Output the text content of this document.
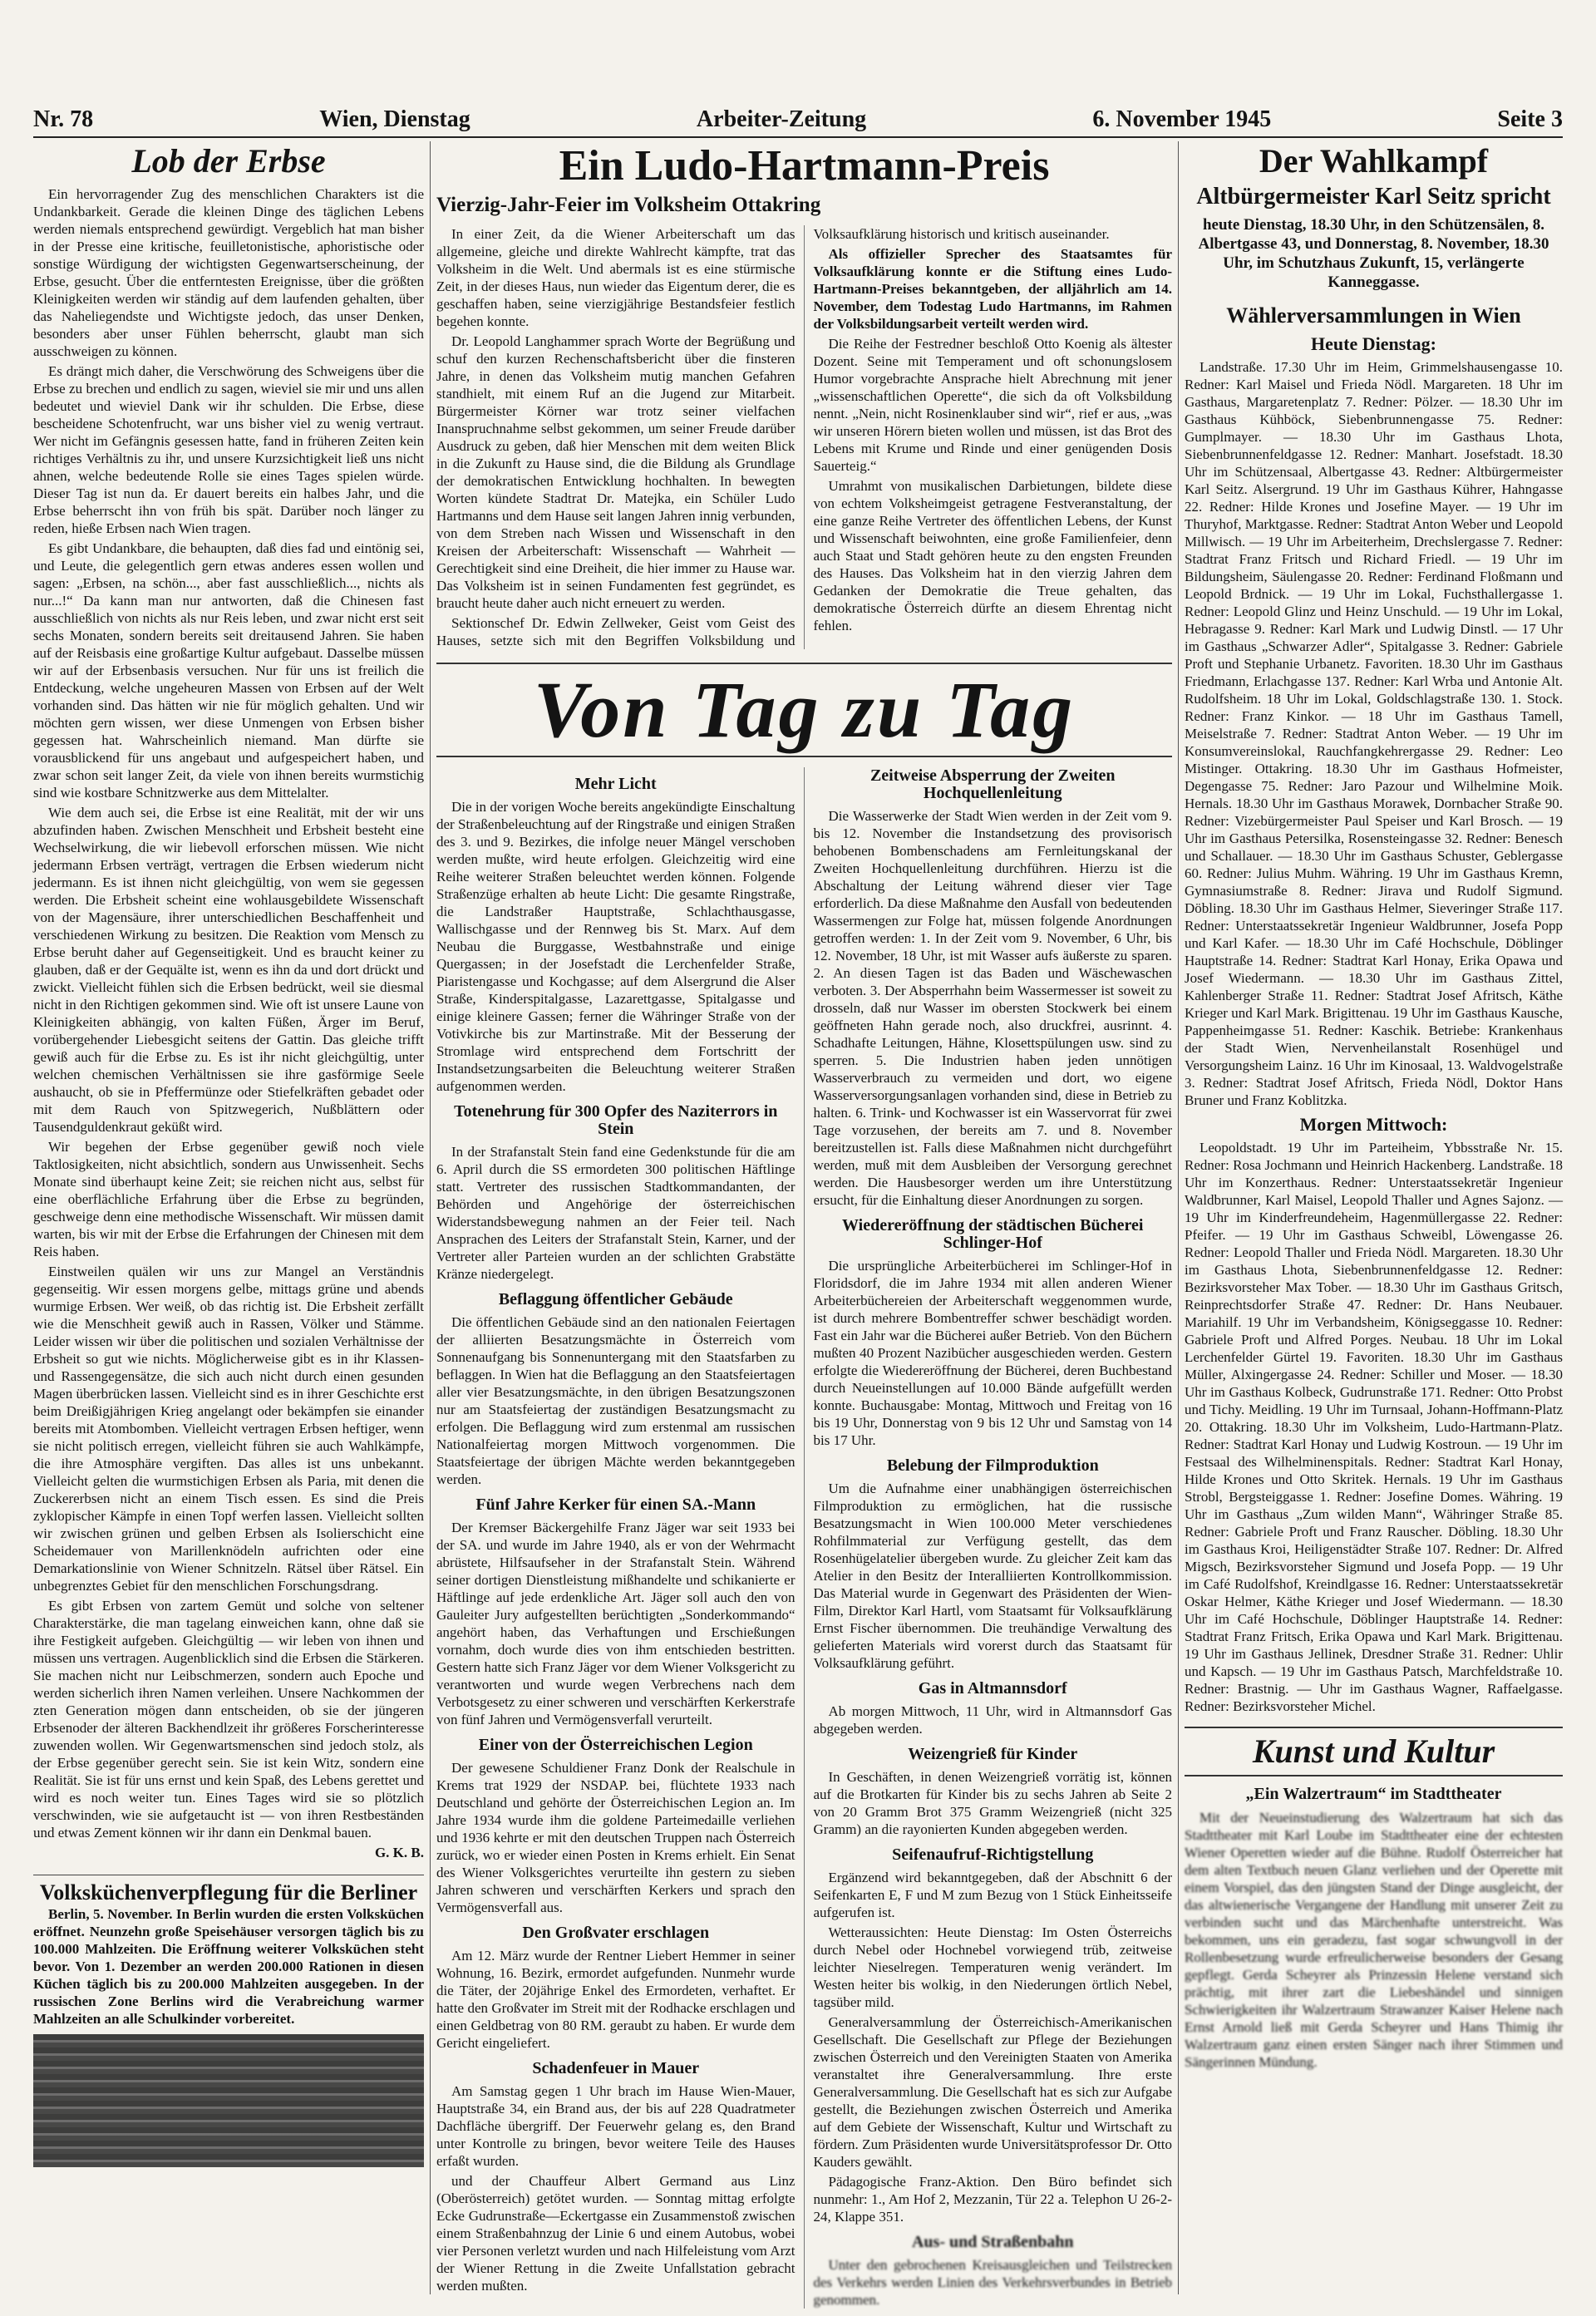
Nr. 78	Wien, Dienstag	Arbeiter-Zeitung	6. November 1945	Seite 3
Lob der Erbse

Ein hervorragender Zug des menschlichen Charakters ist die Undankbarkeit. Gerade die kleinen Dinge des täglichen Lebens werden niemals entsprechend gewürdigt. Vergeblich hat man bisher in der Presse eine kritische, feuilletonistische, aphoristische oder sonstige Würdigung der wichtigsten Gegenwartserscheinung, der Erbse, gesucht. Über die entferntesten Ereignisse, über die größten Kleinigkeiten werden wir ständig auf dem laufenden gehalten, über das Naheliegendste und Wichtigste jedoch, das unser Denken, besonders aber unser Fühlen beherrscht, glaubt man sich ausschweigen zu können.

Es drängt mich daher, die Verschwörung des Schweigens über die Erbse zu brechen und endlich zu sagen, wieviel sie mir und uns allen bedeutet und wieviel Dank wir ihr schulden. Die Erbse, diese bescheidene Schotenfrucht, war uns bisher viel zu wenig vertraut. Wer nicht im Gefängnis gesessen hatte, fand in früheren Zeiten kein richtiges Verhältnis zu ihr, und unsere Kurzsichtigkeit ließ uns nicht ahnen, welche bedeutende Rolle sie eines Tages spielen würde. Dieser Tag ist nun da. Er dauert bereits ein halbes Jahr, und die Erbse beherrscht ihn von früh bis spät. Darüber noch länger zu reden, hieße Erbsen nach Wien tragen.

Es gibt Undankbare, die behaupten, daß dies fad und eintönig sei, und Leute, die gelegentlich gern etwas anderes essen wollen und sagen: „Erbsen, na schön..., aber fast ausschließlich..., nichts als nur...!“ Da kann man nur antworten, daß die Chinesen fast ausschließlich von nichts als nur Reis leben, und zwar nicht erst seit sechs Monaten, sondern bereits seit dreitausend Jahren. Sie haben auf der Reisbasis eine großartige Kultur aufgebaut. Dasselbe müssen wir auf der Erbsenbasis versuchen. Nur für uns ist freilich die Entdeckung, welche ungeheuren Massen von Erbsen auf der Welt vorhanden sind. Das hätten wir nie für möglich gehalten. Und wir möchten gern wissen, wer diese Unmengen von Erbsen bisher gegessen hat. Wahrscheinlich niemand. Man dürfte sie vorausblickend für uns angebaut und aufgespeichert haben, und zwar schon seit langer Zeit, da viele von ihnen bereits wurmstichig sind wie kostbare Schnitzwerke aus dem Mittelalter.

Wie dem auch sei, die Erbse ist eine Realität, mit der wir uns abzufinden haben. Zwischen Menschheit und Erbsheit besteht eine Wechselwirkung, die wir liebevoll erforschen müssen. Wie nicht jedermann Erbsen verträgt, vertragen die Erbsen wiederum nicht jedermann. Es ist ihnen nicht gleichgültig, von wem sie gegessen werden. Die Erbsheit scheint eine wohlausgebildete Wissenschaft von der Magensäure, ihrer unterschiedlichen Beschaffenheit und verschiedenen Wirkung zu besitzen. Die Reaktion vom Mensch zu Erbse beruht daher auf Gegenseitigkeit. Und es braucht keiner zu glauben, daß er der Gequälte ist, wenn es ihn da und dort drückt und zwickt. Vielleicht fühlen sich die Erbsen bedrückt, weil sie diesmal nicht in den Richtigen gekommen sind. Wie oft ist unsere Laune von Kleinigkeiten abhängig, von kalten Füßen, Ärger im Beruf, vorübergehender Liebesgicht seitens der Gattin. Das gleiche trifft gewiß auch für die Erbse zu. Es ist ihr nicht gleichgültig, unter welchen chemischen Verhältnissen sie ihre gasförmige Seele aushaucht, ob sie in Pfeffermünze oder Stiefelkräften gebadet oder mit dem Rauch von Spitzwegerich, Nußblättern oder Tausendguldenkraut geküßt wird.

Wir begehen der Erbse gegenüber gewiß noch viele Taktlosigkeiten, nicht absichtlich, sondern aus Unwissenheit. Sechs Monate sind überhaupt keine Zeit; sie reichen nicht aus, selbst für eine oberflächliche Erfahrung über die Erbse zu begründen, geschweige denn eine methodische Wissenschaft. Wir müssen damit warten, bis wir mit der Erbse die Erfahrungen der Chinesen mit dem Reis haben.

Einstweilen quälen wir uns zur Mangel an Verständnis gegenseitig. Wir essen morgens gelbe, mittags grüne und abends wurmige Erbsen. Wer weiß, ob das richtig ist. Die Erbsheit zerfällt wie die Menschheit gewiß auch in Rassen, Völker und Stämme. Leider wissen wir über die politischen und sozialen Verhältnisse der Erbsheit so gut wie nichts. Möglicherweise gibt es in ihr Klassen- und Rassengegensätze, die sich auch nicht durch einen gesunden Magen überbrücken lassen. Vielleicht sind es in ihrer Geschichte erst beim Dreißigjährigen Krieg angelangt oder bekämpfen sie einander bereits mit Atombomben. Vielleicht vertragen Erbsen heftiger, wenn sie nicht politisch erregen, vielleicht führen sie auch Wahlkämpfe, die ihre Atmosphäre vergiften. Das alles ist uns unbekannt. Vielleicht gelten die wurmstichigen Erbsen als Paria, mit denen die Zuckererbsen nicht an einem Tisch essen. Es sind die Preis zyklopischer Kämpfe in einen Topf werfen lassen. Vielleicht sollten wir zwischen grünen und gelben Erbsen als Isolierschicht eine Scheidemauer von Marillenknödeln aufrichten oder eine Demarkationslinie von Wiener Schnitzeln. Rätsel über Rätsel. Ein unbegrenztes Gebiet für den menschlichen Forschungsdrang.

Es gibt Erbsen von zartem Gemüt und solche von seltener Charakterstärke, die man tagelang einweichen kann, ohne daß sie ihre Festigkeit aufgeben. Gleichgültig — wir leben von ihnen und müssen uns vertragen. Augenblicklich sind die Erbsen die Stärkeren. Sie machen nicht nur Leibschmerzen, sondern auch Epoche und werden sicherlich ihren Namen verleihen. Unsere Nachkommen der zten Generation mögen dann entscheiden, ob sie der jüngeren Erbsenoder der älteren Backhendlzeit ihr größeres Forscherinteresse zuwenden wollen. Wir Gegenwartsmenschen sind jedoch stolz, als der Erbse gegenüber gerecht sein. Sie ist kein Witz, sondern eine Realität. Sie ist für uns ernst und kein Spaß, des Lebens gerettet und wird es noch weiter tun. Eines Tages wird sie so plötzlich verschwinden, wie sie aufgetaucht ist — von ihren Restbeständen und etwas Zement können wir ihr dann ein Denkmal bauen.

G. K. B.
Volksküchenverpflegung für die Berliner

Berlin, 5. November. In Berlin wurden die ersten Volksküchen eröffnet. Neunzehn große Speisehäuser versorgen täglich bis zu 100.000 Mahlzeiten. Die Eröffnung weiterer Volksküchen steht bevor. Von 1. Dezember an werden 200.000 Rationen in diesen Küchen täglich bis zu 200.000 Mahlzeiten ausgegeben. In der russischen Zone Berlins wird die Verabreichung warmer Mahlzeiten an alle Schulkinder vorbereitet.

Ein Ludo-Hartmann-Preis
Vierzig-Jahr-Feier im Volksheim Ottakring

In einer Zeit, da die Wiener Arbeiterschaft um das allgemeine, gleiche und direkte Wahlrecht kämpfte, trat das Volksheim in die Welt. Und abermals ist es eine stürmische Zeit, in der dieses Haus, nun wieder das Eigentum derer, die es geschaffen haben, seine vierzigjährige Bestandsfeier festlich begehen konnte.

Dr. Leopold Langhammer sprach Worte der Begrüßung und schuf den kurzen Rechenschaftsbericht über die finsteren Jahre, in denen das Volksheim mutig manchen Gefahren standhielt, mit einem Ruf an die Jugend zur Mitarbeit. Bürgermeister Körner war trotz seiner vielfachen Inanspruchnahme selbst gekommen, um seiner Freude darüber Ausdruck zu geben, daß hier Menschen mit dem weiten Blick in die Zukunft zu Hause sind, die die Bildung als Grundlage der demokratischen Entwicklung hochhalten. In bewegten Worten kündete Stadtrat Dr. Matejka, ein Schüler Ludo Hartmanns und dem Hause seit langen Jahren innig verbunden, von dem Streben nach Wissen und Wissenschaft in den Kreisen der Arbeiterschaft: Wissenschaft — Wahrheit — Gerechtigkeit sind eine Dreiheit, die hier immer zu Hause war. Das Volksheim ist in seinen Fundamenten fest gegründet, es braucht heute daher auch nicht erneuert zu werden.

Sektionschef Dr. Edwin Zellweker, Geist vom Geist des Hauses, setzte sich mit den Begriffen Volksbildung und Volksaufklärung historisch und kritisch auseinander.

Als offizieller Sprecher des Staatsamtes für Volksaufklärung konnte er die Stiftung eines Ludo-Hartmann-Preises bekanntgeben, der alljährlich am 14. November, dem Todestag Ludo Hartmanns, im Rahmen der Volksbildungsarbeit verteilt werden wird.

Die Reihe der Festredner beschloß Otto Koenig als ältester Dozent. Seine mit Temperament und oft schonungslosem Humor vorgebrachte Ansprache hielt Abrechnung mit jener „wissenschaftlichen Operette“, die sich da oft Volksbildung nennt. „Nein, nicht Rosinenklauber sind wir“, rief er aus, „was wir unseren Hörern bieten wollen und müssen, ist das Brot des Lebens mit Krume und Rinde und einer genügenden Dosis Sauerteig.“

Umrahmt von musikalischen Darbietungen, bildete diese von echtem Volksheimgeist getragene Festveranstaltung, der eine ganze Reihe Vertreter des öffentlichen Lebens, der Kunst und Wissenschaft beiwohnten, eine große Familienfeier, denn auch Staat und Stadt gehören heute zu den engsten Freunden des Hauses. Das Volksheim hat in den vierzig Jahren dem Gedanken der Demokratie die Treue gehalten, das demokratische Österreich dürfte an diesem Ehrentag nicht fehlen.

Von Tag zu Tag
Mehr Licht

Die in der vorigen Woche bereits angekündigte Einschaltung der Straßenbeleuchtung auf der Ringstraße und einigen Straßen des 3. und 9. Bezirkes, die infolge neuer Mängel verschoben werden mußte, wird heute erfolgen. Gleichzeitig wird eine Reihe weiterer Straßen beleuchtet werden können. Folgende Straßenzüge erhalten ab heute Licht: Die gesamte Ringstraße, die Landstraßer Hauptstraße, Schlachthausgasse, Wallischgasse und der Rennweg bis St. Marx. Auf dem Neubau die Burggasse, Westbahnstraße und einige Quergassen; in der Josefstadt die Lerchenfelder Straße, Piaristengasse und Kochgasse; auf dem Alsergrund die Alser Straße, Kinderspitalgasse, Lazarettgasse, Spitalgasse und einige kleinere Gassen; ferner die Währinger Straße von der Votivkirche bis zur Martinstraße. Mit der Besserung der Stromlage wird entsprechend dem Fortschritt der Instandsetzungsarbeiten die Beleuchtung weiterer Straßen aufgenommen werden.

Totenehrung für 300 Opfer des Naziterrors in Stein

In der Strafanstalt Stein fand eine Gedenkstunde für die am 6. April durch die SS ermordeten 300 politischen Häftlinge statt. Vertreter des russischen Stadtkommandanten, der Behörden und Angehörige der österreichischen Widerstandsbewegung nahmen an der Feier teil. Nach Ansprachen des Leiters der Strafanstalt Stein, Karner, und der Vertreter aller Parteien wurden an der schlichten Grabstätte Kränze niedergelegt.

Beflaggung öffentlicher Gebäude

Die öffentlichen Gebäude sind an den nationalen Feiertagen der alliierten Besatzungsmächte in Österreich vom Sonnenaufgang bis Sonnenuntergang mit den Staatsfarben zu beflaggen. In Wien hat die Beflaggung an den Staatsfeiertagen aller vier Besatzungsmächte, in den übrigen Besatzungszonen nur am Staatsfeiertag der zuständigen Besatzungsmacht zu erfolgen. Die Beflaggung wird zum erstenmal am russischen Nationalfeiertag morgen Mittwoch vorgenommen. Die Staatsfeiertage der übrigen Mächte werden bekanntgegeben werden.

Fünf Jahre Kerker für einen SA.-Mann

Der Kremser Bäckergehilfe Franz Jäger war seit 1933 bei der SA. und wurde im Jahre 1940, als er von der Wehrmacht abrüstete, Hilfsaufseher in der Strafanstalt Stein. Während seiner dortigen Dienstleistung mißhandelte und schikanierte er Häftlinge auf jede erdenkliche Art. Jäger soll auch den von Gauleiter Jury aufgestellten berüchtigten „Sonderkommando“ angehört haben, das Verhaftungen und Erschießungen vornahm, doch wurde dies von ihm entschieden bestritten. Gestern hatte sich Franz Jäger vor dem Wiener Volksgericht zu verantworten und wurde wegen Verbrechens nach dem Verbotsgesetz zu einer schweren und verschärften Kerkerstrafe von fünf Jahren und Vermögensverfall verurteilt.

Einer von der Österreichischen Legion

Der gewesene Schuldiener Franz Donk der Realschule in Krems trat 1929 der NSDAP. bei, flüchtete 1933 nach Deutschland und gehörte der Österreichischen Legion an. Im Jahre 1934 wurde ihm die goldene Parteimedaille verliehen und 1936 kehrte er mit den deutschen Truppen nach Österreich zurück, wo er wieder einen Posten in Krems erhielt. Ein Senat des Wiener Volksgerichtes verurteilte ihn gestern zu sieben Jahren schweren und verschärften Kerkers und sprach den Vermögensverfall aus.

Den Großvater erschlagen

Am 12. März wurde der Rentner Liebert Hemmer in seiner Wohnung, 16. Bezirk, ermordet aufgefunden. Nunmehr wurde die Täter, der 20jährige Enkel des Ermordeten, verhaftet. Er hatte den Großvater im Streit mit der Rodhacke erschlagen und einen Geldbetrag von 80 RM. geraubt zu haben. Er wurde dem Gericht eingeliefert.

Schadenfeuer in Mauer

Am Samstag gegen 1 Uhr brach im Hause Wien-Mauer, Hauptstraße 34, ein Brand aus, der bis auf 228 Quadratmeter Dachfläche übergriff. Der Feuerwehr gelang es, den Brand unter Kontrolle zu bringen, bevor weitere Teile des Hauses erfaßt wurden.

und der Chauffeur Albert Germand aus Linz (Oberösterreich) getötet wurden. — Sonntag mittag erfolgte Ecke Gudrunstraße—Eckertgasse ein Zusammenstoß zwischen einem Straßenbahnzug der Linie 6 und einem Autobus, wobei vier Personen verletzt wurden und nach Hilfeleistung vom Arzt der Wiener Rettung in die Zweite Unfallstation gebracht werden mußten.

Zeitweise Absperrung der Zweiten Hochquellenleitung

Die Wasserwerke der Stadt Wien werden in der Zeit vom 9. bis 12. November die Instandsetzung des provisorisch behobenen Bombenschadens am Fernleitungskanal der Zweiten Hochquellenleitung durchführen. Hierzu ist die Abschaltung der Leitung während dieser vier Tage erforderlich. Da diese Maßnahme den Ausfall von bedeutenden Wassermengen zur Folge hat, müssen folgende Anordnungen getroffen werden: 1. In der Zeit vom 9. November, 6 Uhr, bis 12. November, 18 Uhr, ist mit Wasser aufs äußerste zu sparen. 2. An diesen Tagen ist das Baden und Wäschewaschen verboten. 3. Der Absperrhahn beim Wassermesser ist soweit zu drosseln, daß nur Wasser im obersten Stockwerk bei einem geöffneten Hahn gerade noch, also druckfrei, ausrinnt. 4. Schadhafte Leitungen, Hähne, Klosettspülungen usw. sind zu sperren. 5. Die Industrien haben jeden unnötigen Wasserverbrauch zu vermeiden und dort, wo eigene Wasserversorgungsanlagen vorhanden sind, diese in Betrieb zu halten. 6. Trink- und Kochwasser ist ein Wasservorrat für zwei Tage vorzusehen, der bereits am 7. und 8. November bereitzustellen ist. Falls diese Maßnahmen nicht durchgeführt werden, muß mit dem Ausbleiben der Versorgung gerechnet werden. Die Hausbesorger werden um ihre Unterstützung ersucht, für die Einhaltung dieser Anordnungen zu sorgen.

Wiedereröffnung der städtischen Bücherei Schlinger-Hof

Die ursprüngliche Arbeiterbücherei im Schlinger-Hof in Floridsdorf, die im Jahre 1934 mit allen anderen Wiener Arbeiterbüchereien der Arbeiterschaft weggenommen wurde, ist durch mehrere Bombentreffer schwer beschädigt worden. Fast ein Jahr war die Bücherei außer Betrieb. Von den Büchern mußten 40 Prozent Nazibücher ausgeschieden werden. Gestern erfolgte die Wiedereröffnung der Bücherei, deren Buchbestand durch Neueinstellungen auf 10.000 Bände aufgefüllt werden konnte. Buchausgabe: Montag, Mittwoch und Freitag von 16 bis 19 Uhr, Donnerstag von 9 bis 12 Uhr und Samstag von 14 bis 17 Uhr.

Belebung der Filmproduktion

Um die Aufnahme einer unabhängigen österreichischen Filmproduktion zu ermöglichen, hat die russische Besatzungsmacht in Wien 100.000 Meter verschiedenes Rohfilmmaterial zur Verfügung gestellt, das dem Rosenhügelatelier übergeben wurde. Zu gleicher Zeit kam das Atelier in den Besitz der Interalliierten Kontrollkommission. Das Material wurde in Gegenwart des Präsidenten der Wien-Film, Direktor Karl Hartl, vom Staatsamt für Volksaufklärung Ernst Fischer übernommen. Die treuhändige Verwaltung des gelieferten Materials wird vorerst durch das Staatsamt für Volksaufklärung geführt.

Gas in Altmannsdorf

Ab morgen Mittwoch, 11 Uhr, wird in Altmannsdorf Gas abgegeben werden.

Weizengrieß für Kinder

In Geschäften, in denen Weizengrieß vorrätig ist, können auf die Brotkarten für Kinder bis zu sechs Jahren ab Seite 2 von 20 Gramm Brot 375 Gramm Weizengrieß (nicht 325 Gramm) an die rayonierten Kunden abgegeben werden.

Seifenaufruf-Richtigstellung

Ergänzend wird bekanntgegeben, daß der Abschnitt 6 der Seifenkarten E, F und M zum Bezug von 1 Stück Einheitsseife aufgerufen ist.

Wetteraussichten: Heute Dienstag: Im Osten Österreichs durch Nebel oder Hochnebel vorwiegend trüb, zeitweise leichter Nieselregen. Temperaturen wenig verändert. Im Westen heiter bis wolkig, in den Niederungen örtlich Nebel, tagsüber mild.

Generalversammlung der Österreichisch-Amerikanischen Gesellschaft. Die Gesellschaft zur Pflege der Beziehungen zwischen Österreich und den Vereinigten Staaten von Amerika veranstaltet ihre Generalversammlung. Ihre erste Generalversammlung. Die Gesellschaft hat es sich zur Aufgabe gestellt, die Beziehungen zwischen Österreich und Amerika auf dem Gebiete der Wissenschaft, Kultur und Wirtschaft zu fördern. Zum Präsidenten wurde Universitätsprofessor Dr. Otto Kauders gewählt.

Pädagogische Franz-Aktion. Den Büro befindet sich nunmehr: 1., Am Hof 2, Mezzanin, Tür 22 a. Telephon U 26-2-24, Klappe 351.

Aus- und Straßenbahn

Unter den gebrochenen Kreisausgleichen und Teilstrecken des Verkehrs werden Linien des Verkehrsverbundes in Betrieb genommen.

Der Wahlkampf
Altbürgermeister Karl Seitz spricht
heute Dienstag, 18.30 Uhr, in den Schützensälen, 8. Albertgasse 43, und Donnerstag, 8. November, 18.30 Uhr, im Schutzhaus Zukunft, 15, verlängerte Kanneggasse.
Wählerversammlungen in Wien
Heute Dienstag:

Landstraße. 17.30 Uhr im Heim, Grimmelshausengasse 10. Redner: Karl Maisel und Frieda Nödl. Margareten. 18 Uhr im Gasthaus, Margaretenplatz 7. Redner: Pölzer. — 18.30 Uhr im Gasthaus Kühböck, Siebenbrunnengasse 75. Redner: Gumplmayer. — 18.30 Uhr im Gasthaus Lhota, Siebenbrunnenfeldgasse 12. Redner: Manhart. Josefstadt. 18.30 Uhr im Schützensaal, Albertgasse 43. Redner: Altbürgermeister Karl Seitz. Alsergrund. 19 Uhr im Gasthaus Kührer, Hahngasse 22. Redner: Hilde Krones und Josefine Mayer. — 19 Uhr im Thuryhof, Marktgasse. Redner: Stadtrat Anton Weber und Leopold Millwisch. — 19 Uhr im Arbeiterheim, Drechslergasse 7. Redner: Stadtrat Franz Fritsch und Richard Friedl. — 19 Uhr im Bildungsheim, Säulengasse 20. Redner: Ferdinand Floßmann und Leopold Brdnick. — 19 Uhr im Lokal, Fuchsthallergasse 1. Redner: Leopold Glinz und Heinz Unschuld. — 19 Uhr im Lokal, Hebragasse 9. Redner: Karl Mark und Ludwig Dinstl. — 17 Uhr im Gasthaus „Schwarzer Adler“, Spitalgasse 3. Redner: Gabriele Proft und Stephanie Urbanetz. Favoriten. 18.30 Uhr im Gasthaus Friedmann, Erlachgasse 137. Redner: Karl Wrba und Antonie Alt. Rudolfsheim. 18 Uhr im Lokal, Goldschlagstraße 130. 1. Stock. Redner: Franz Kinkor. — 18 Uhr im Gasthaus Tamell, Meiselstraße 7. Redner: Stadtrat Anton Weber. — 19 Uhr im Konsumvereinslokal, Rauchfangkehrergasse 29. Redner: Leo Mistinger. Ottakring. 18.30 Uhr im Gasthaus Hofmeister, Degengasse 75. Redner: Jaro Pazour und Wilhelmine Moik. Hernals. 18.30 Uhr im Gasthaus Morawek, Dornbacher Straße 90. Redner: Vizebürgermeister Paul Speiser und Karl Brosch. — 19 Uhr im Gasthaus Petersilka, Rosensteingasse 32. Redner: Benesch und Schallauer. — 18.30 Uhr im Gasthaus Schuster, Geblergasse 60. Redner: Julius Muhm. Währing. 19 Uhr im Gasthaus Kremn, Gymnasiumstraße 8. Redner: Jirava und Rudolf Sigmund. Döbling. 18.30 Uhr im Gasthaus Helmer, Sieveringer Straße 117. Redner: Unterstaatssekretär Ingenieur Waldbrunner, Josefa Popp und Karl Kafer. — 18.30 Uhr im Café Hochschule, Döblinger Hauptstraße 14. Redner: Stadtrat Karl Honay, Erika Opawa und Josef Wiedermann. — 18.30 Uhr im Gasthaus Zittel, Kahlenberger Straße 11. Redner: Stadtrat Josef Afritsch, Käthe Krieger und Karl Mark. Brigittenau. 19 Uhr im Gasthaus Kausche, Pappenheimgasse 51. Redner: Kaschik. Betriebe: Krankenhaus der Stadt Wien, Nervenheilanstalt Rosenhügel und Versorgungsheim Lainz. 16 Uhr im Kinosaal, 13. Waldvogelstraße 3. Redner: Stadtrat Josef Afritsch, Frieda Nödl, Doktor Hans Bruner und Franz Koblitzka.

Morgen Mittwoch:

Leopoldstadt. 19 Uhr im Parteiheim, Ybbsstraße Nr. 15. Redner: Rosa Jochmann und Heinrich Hackenberg. Landstraße. 18 Uhr im Konzerthaus. Redner: Unterstaatssekretär Ingenieur Waldbrunner, Karl Maisel, Leopold Thaller und Agnes Sajonz. — 19 Uhr im Kinderfreundeheim, Hagenmüllergasse 22. Redner: Pfeifer. — 19 Uhr im Gasthaus Schweibl, Löwengasse 26. Redner: Leopold Thaller und Frieda Nödl. Margareten. 18.30 Uhr im Gasthaus Lhota, Siebenbrunnenfeldgasse 12. Redner: Bezirksvorsteher Max Tober. — 18.30 Uhr im Gasthaus Gritsch, Reinprechtsdorfer Straße 47. Redner: Dr. Hans Neubauer. Mariahilf. 19 Uhr im Verbandsheim, Königseggasse 10. Redner: Gabriele Proft und Alfred Porges. Neubau. 18 Uhr im Lokal Lerchenfelder Gürtel 19. Favoriten. 18.30 Uhr im Gasthaus Müller, Alxingergasse 24. Redner: Schiller und Moser. — 18.30 Uhr im Gasthaus Kolbeck, Gudrunstraße 171. Redner: Otto Probst und Tichy. Meidling. 19 Uhr im Turnsaal, Johann-Hoffmann-Platz 20. Ottakring. 18.30 Uhr im Volksheim, Ludo-Hartmann-Platz. Redner: Stadtrat Karl Honay und Ludwig Kostroun. — 19 Uhr im Festsaal des Wilhelminenspitals. Redner: Stadtrat Karl Honay, Hilde Krones und Otto Skritek. Hernals. 19 Uhr im Gasthaus Strobl, Bergsteiggasse 1. Redner: Josefine Domes. Währing. 19 Uhr im Gasthaus „Zum wilden Mann“, Währinger Straße 85. Redner: Gabriele Proft und Franz Rauscher. Döbling. 18.30 Uhr im Gasthaus Kroi, Heiligenstädter Straße 107. Redner: Dr. Alfred Migsch, Bezirksvorsteher Sigmund und Josefa Popp. — 19 Uhr im Café Rudolfshof, Kreindlgasse 16. Redner: Unterstaatssekretär Oskar Helmer, Käthe Krieger und Josef Wiedermann. — 18.30 Uhr im Café Hochschule, Döblinger Hauptstraße 14. Redner: Stadtrat Franz Fritsch, Erika Opawa und Karl Mark. Brigittenau. 19 Uhr im Gasthaus Jellinek, Dresdner Straße 31. Redner: Uhlir und Kapsch. — 19 Uhr im Gasthaus Patsch, Marchfeldstraße 10. Redner: Brastnig. — Uhr im Gasthaus Wagner, Raffaelgasse. Redner: Bezirksvorsteher Michel.

Kunst und Kultur
„Ein Walzertraum“ im Stadttheater

Mit der Neueinstudierung des Walzertraum hat sich das Stadttheater mit Karl Loube im Stadttheater eine der echtesten Wiener Operetten wieder auf die Bühne. Rudolf Österreicher hat dem alten Textbuch neuen Glanz verliehen und der Operette mit einem Vorspiel, das den jüngsten Stand der Dinge ausgleicht, der das altwienerische Vergangene der Handlung mit unserer Zeit zu verbinden sucht und das Märchenhafte unterstreicht. Was bekommen, uns ein geradezu, fast sogar schwungvoll in der Rollenbesetzung wurde erfreulicherweise besonders der Gesang gepflegt. Gerda Scheyrer als Prinzessin Helene verstand sich prächtig, mit ihrer zart die Liebeshändel und sinnigen Schwierigkeiten ihr Walzertraum Strawanzer Kaiser Helene nach Ernst Arnold ließ mit Gerda Scheyrer und Hans Thimig ihr Walzertraum ganz einen ersten Sänger nach ihrer Stimmen und Sängerinnen Mündung.
